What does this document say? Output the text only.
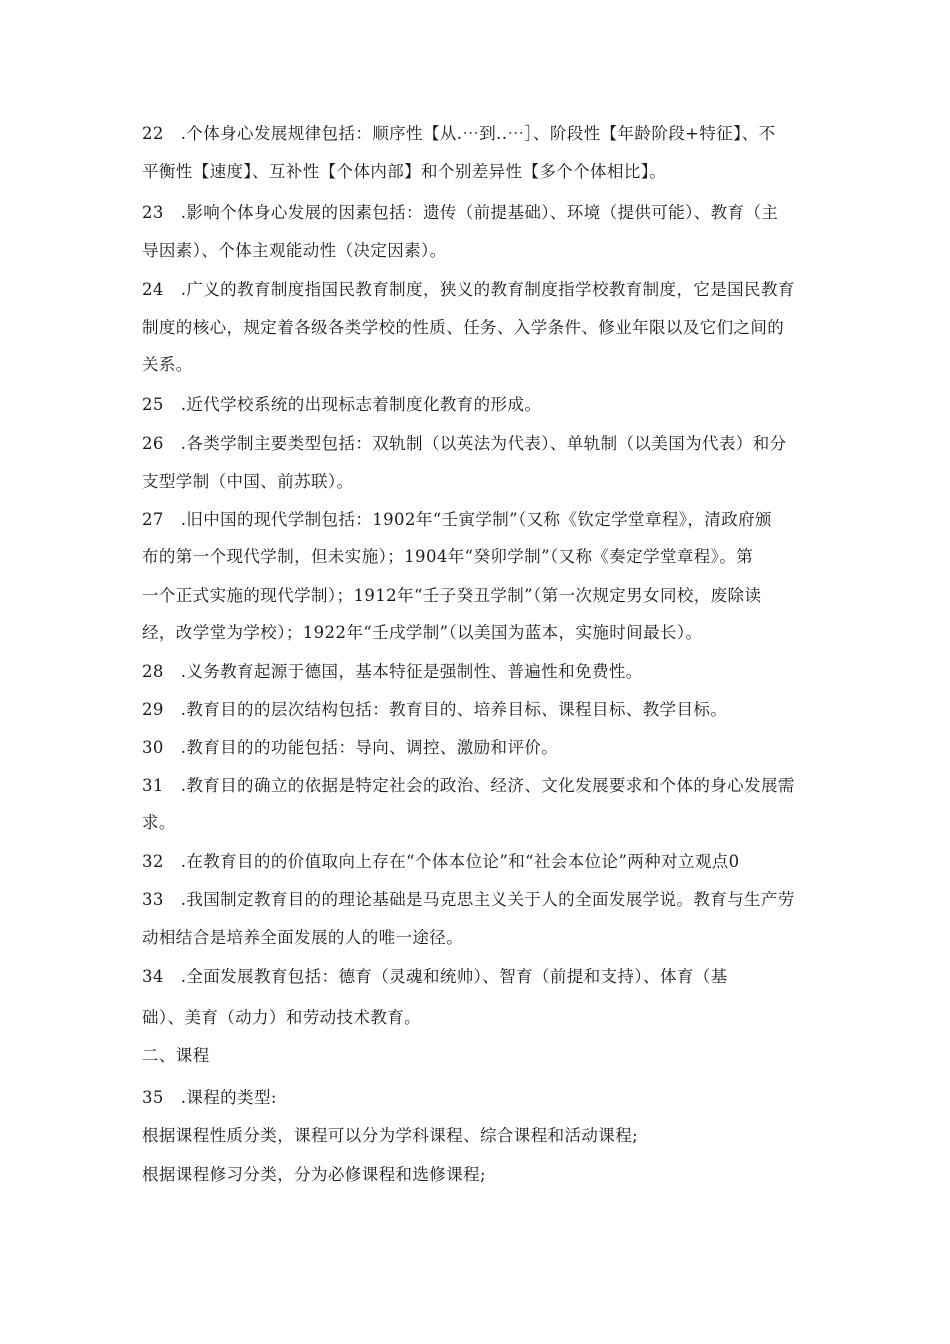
22　.个体身心发展规律包括：顺序性【从.⋯到..⋯］、阶段性【年龄阶段+特征】、不
平衡性【速度】、互补性【个体内部】和个别差异性【多个个体相比】。
23　.影响个体身心发展的因素包括：遗传（前提基础）、环境（提供可能）、教育（主
导因素）、个体主观能动性（决定因素）。
24　.广义的教育制度指国民教育制度，狭义的教育制度指学校教育制度，它是国民教育
制度的核心，规定着各级各类学校的性质、任务、入学条件、修业年限以及它们之间的
关系。
25　.近代学校系统的出现标志着制度化教育的形成。
26　.各类学制主要类型包括：双轨制（以英法为代表）、单轨制（以美国为代表）和分
支型学制（中国、前苏联）。
27　.旧中国的现代学制包括：1902年“壬寅学制”（又称《钦定学堂章程》，清政府颁
布的第一个现代学制，但未实施）；1904年“癸卯学制”（又称《奏定学堂章程》。第
一个正式实施的现代学制）；1912年“壬子癸丑学制”（第一次规定男女同校，废除读
经，改学堂为学校）；1922年“壬戌学制”（以美国为蓝本，实施时间最长）。
28　.义务教育起源于德国，基本特征是强制性、普遍性和免费性。
29　.教育目的的层次结构包括：教育目的、培养目标、课程目标、教学目标。
30　.教育目的的功能包括：导向、调控、激励和评价。
31　.教育目的确立的依据是特定社会的政治、经济、文化发展要求和个体的身心发展需
求。
32　.在教育目的的价值取向上存在“个体本位论”和“社会本位论”两种对立观点0
33　.我国制定教育目的的理论基础是马克思主义关于人的全面发展学说。教育与生产劳
动相结合是培养全面发展的人的唯一途径。
34　.全面发展教育包括：德育（灵魂和统帅）、智育（前提和支持）、体育（基
础）、美育（动力）和劳动技术教育。
二、课程
35　.课程的类型:
根据课程性质分类，课程可以分为学科课程、综合课程和活动课程;
根据课程修习分类，分为必修课程和选修课程;
